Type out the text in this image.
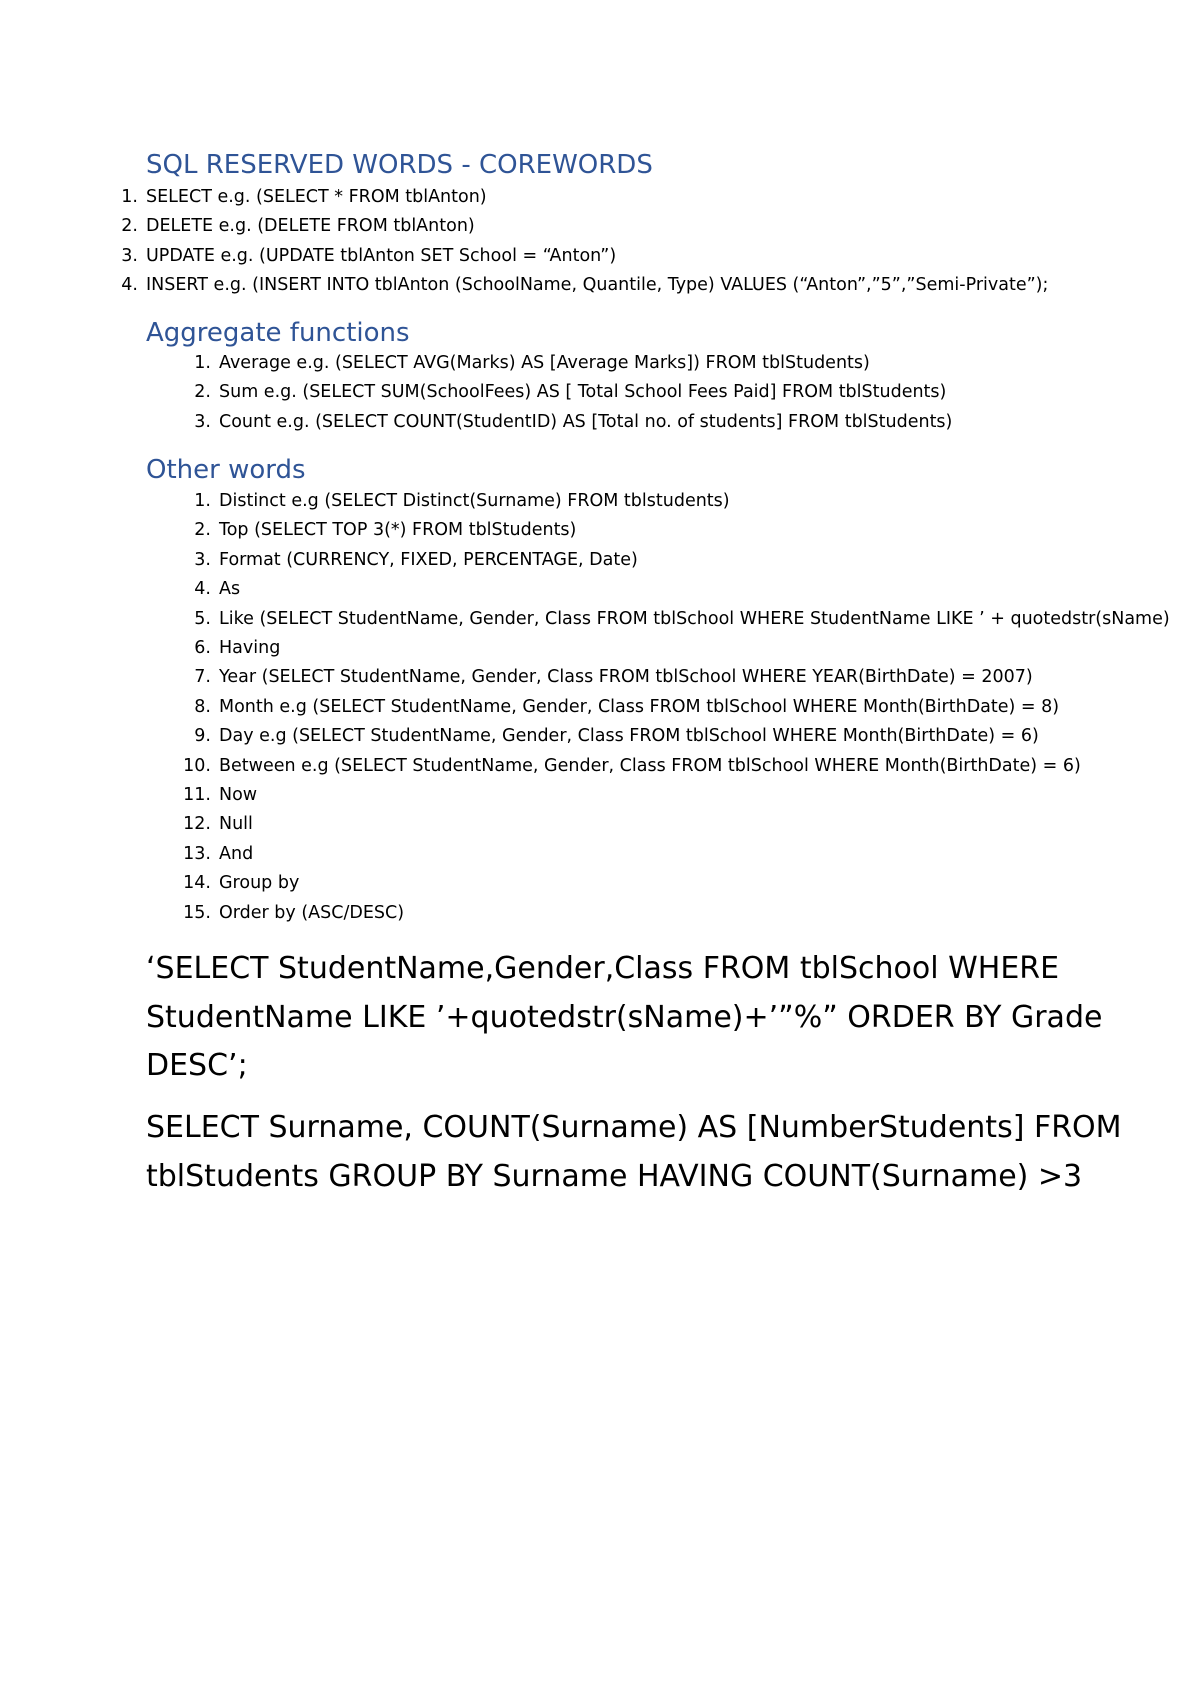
SQL RESERVED WORDS - COREWORDS
1. SELECT e.g. (SELECT * FROM tblAnton)
2. DELETE e.g. (DELETE FROM tblAnton)
3. UPDATE e.g. (UPDATE tblAnton SET School = “Anton”)
4. INSERT e.g. (INSERT INTO tblAnton (SchoolName, Quantile, Type) VALUES (“Anton”,”5”,”Semi-Private”);
Aggregate functions
1. Average e.g. (SELECT AVG(Marks) AS [Average Marks]) FROM tblStudents)
2. Sum e.g. (SELECT SUM(SchoolFees) AS [ Total School Fees Paid] FROM tblStudents)
3. Count e.g. (SELECT COUNT(StudentID) AS [Total no. of students] FROM tblStudents)
Other words
1. Distinct e.g (SELECT Distinct(Surname) FROM tblstudents)
2. Top (SELECT TOP 3(*) FROM tblStudents)
3. Format (CURRENCY, FIXED, PERCENTAGE, Date)
4. As
5. Like (SELECT StudentName, Gender, Class FROM tblSchool WHERE StudentName LIKE ’ + quotedstr(sName)
6. Having
7. Year (SELECT StudentName, Gender, Class FROM tblSchool WHERE YEAR(BirthDate) = 2007)
8. Month e.g (SELECT StudentName, Gender, Class FROM tblSchool WHERE Month(BirthDate) = 8)
9. Day e.g (SELECT StudentName, Gender, Class FROM tblSchool WHERE Month(BirthDate) = 6)
10. Between e.g (SELECT StudentName, Gender, Class FROM tblSchool WHERE Month(BirthDate) = 6)
11. Now
12. Null
13. And
14. Group by
15. Order by (ASC/DESC)

‘SELECT StudentName,Gender,Class FROM tblSchool WHERE StudentName LIKE ’+quotedstr(sName)+’”%” ORDER BY Grade DESC’;

SELECT Surname, COUNT(Surname) AS [NumberStudents] FROM tblStudents GROUP BY Surname HAVING COUNT(Surname) >3
